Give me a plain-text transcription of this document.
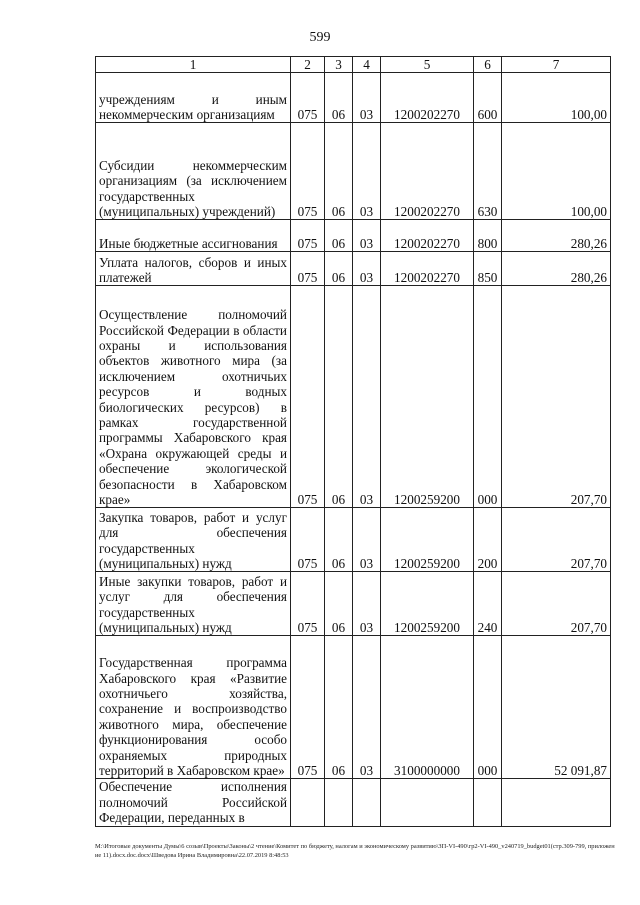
599
1	2	3	4	5	6	7
учреждениям и иным некоммерческим организациям	075	06	03	1200202270	600	100,00
Субсидии некоммерческим организациям (за исключением государственных (муниципальных) учреждений)	075	06	03	1200202270	630	100,00
Иные бюджетные ассигнования	075	06	03	1200202270	800	280,26
Уплата налогов, сборов и иных платежей	075	06	03	1200202270	850	280,26
Осуществление полномочий Российской Федерации в области охраны и использования объектов животного мира (за исключением охотничьих ресурсов и водных биологических ресурсов) в рамках государственной программы Хабаровского края «Охрана окружающей среды и обеспечение экологической безопасности в Хабаровском крае»	075	06	03	1200259200	000	207,70
Закупка товаров, работ и услуг для обеспечения государственных (муниципальных) нужд	075	06	03	1200259200	200	207,70
Иные закупки товаров, работ и услуг для обеспечения государственных (муниципальных) нужд	075	06	03	1200259200	240	207,70
Государственная программа Хабаровского края «Развитие охотничьего хозяйства, сохранение и воспроизводство животного мира, обеспечение функционирования особо охраняемых природных территорий в Хабаровском крае»	075	06	03	3100000000	000	52 091,87
Обеспечение исполнения полномочий Российской Федерации, переданных в						
M:\Итоговые документы Думы\6 созыв\Проекты\Законы\2 чтение\Комитет по бюджету, налогам и экономическому развитию\ЗП-VI-490\гр2-VI-490_v240719_budget01(стр.309-799, приложение 11).docx.doc.docx\Шведова Ирина Владимировна\22.07.2019 8:48:53
